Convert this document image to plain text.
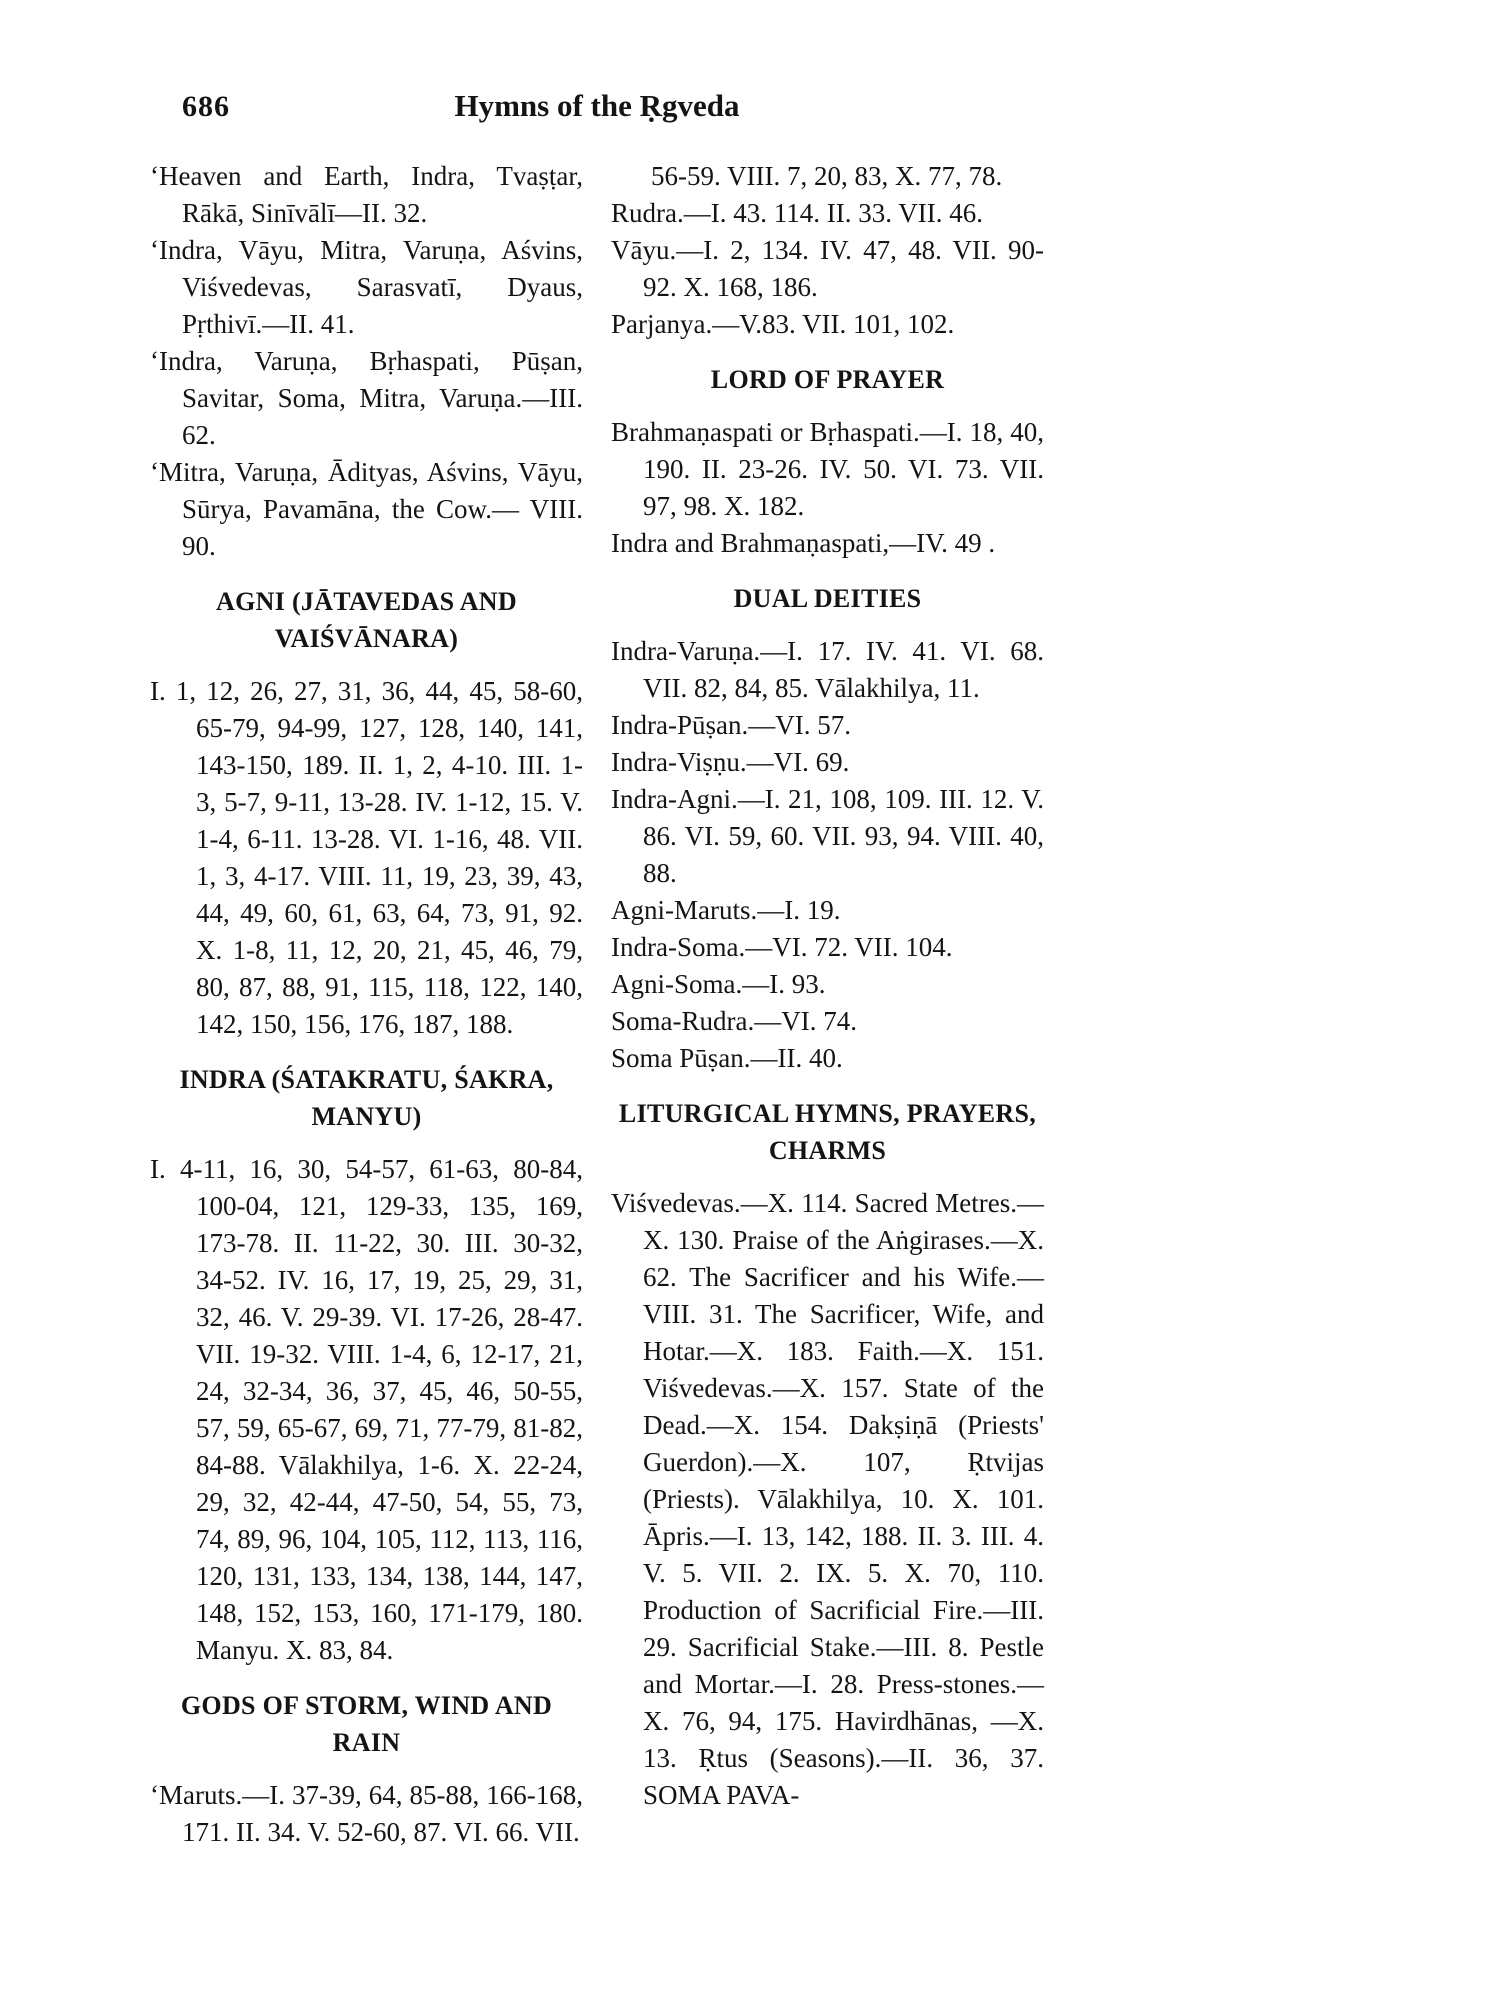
686	Hymns of the Ṛgveda

ʻHeaven and Earth, Indra, Tvaṣṭar, Rākā, Sinīvālī—II. 32.

ʻIndra, Vāyu, Mitra, Varuṇa, Aśvins, Viśvedevas, Sarasvatī, Dyaus, Pṛthivī.—II. 41.

ʻIndra, Varuṇa, Bṛhaspati, Pūṣan, Savitar, Soma, Mitra, Varuṇa.—III. 62.

ʻMitra, Varuṇa, Ādityas, Aśvins, Vāyu, Sūrya, Pavamāna, the Cow.— VIII. 90.

AGNI (JĀTAVEDAS AND VAIŚVĀNARA)

I. 1, 12, 26, 27, 31, 36, 44, 45, 58-60, 65-79, 94-99, 127, 128, 140, 141, 143-150, 189. II. 1, 2, 4-10. III. 1-3, 5-7, 9-11, 13-28. IV. 1-12, 15. V. 1-4, 6-11. 13-28. VI. 1-16, 48. VII. 1, 3, 4-17. VIII. 11, 19, 23, 39, 43, 44, 49, 60, 61, 63, 64, 73, 91, 92. X. 1-8, 11, 12, 20, 21, 45, 46, 79, 80, 87, 88, 91, 115, 118, 122, 140, 142, 150, 156, 176, 187, 188.

INDRA (ŚATAKRATU, ŚAKRA, MANYU)

I. 4-11, 16, 30, 54-57, 61-63, 80-84, 100-04, 121, 129-33, 135, 169, 173-78. II. 11-22, 30. III. 30-32, 34-52. IV. 16, 17, 19, 25, 29, 31, 32, 46. V. 29-39. VI. 17-26, 28-47. VII. 19-32. VIII. 1-4, 6, 12-17, 21, 24, 32-34, 36, 37, 45, 46, 50-55, 57, 59, 65-67, 69, 71, 77-79, 81-82, 84-88. Vālakhilya, 1-6. X. 22-24, 29, 32, 42-44, 47-50, 54, 55, 73, 74, 89, 96, 104, 105, 112, 113, 116, 120, 131, 133, 134, 138, 144, 147, 148, 152, 153, 160, 171-179, 180. Manyu. X. 83, 84.

GODS OF STORM, WIND AND RAIN

ʻMaruts.—I. 37-39, 64, 85-88, 166-168, 171. II. 34. V. 52-60, 87. VI. 66. VII.

56-59. VIII. 7, 20, 83, X. 77, 78.

Rudra.—I. 43. 114. II. 33. VII. 46.

Vāyu.—I. 2, 134. IV. 47, 48. VII. 90-92. X. 168, 186.

Parjanya.—V.83. VII. 101, 102.

LORD OF PRAYER

Brahmaṇaspati or Bṛhaspati.—I. 18, 40, 190. II. 23-26. IV. 50. VI. 73. VII. 97, 98. X. 182.

Indra and Brahmaṇaspati,—IV. 49 .

DUAL DEITIES

Indra-Varuṇa.—I. 17. IV. 41. VI. 68. VII. 82, 84, 85. Vālakhilya, 11.

Indra-Pūṣan.—VI. 57.

Indra-Viṣṇu.—VI. 69.

Indra-Agni.—I. 21, 108, 109. III. 12. V. 86. VI. 59, 60. VII. 93, 94. VIII. 40, 88.

Agni-Maruts.—I. 19.

Indra-Soma.—VI. 72. VII. 104.

Agni-Soma.—I. 93.

Soma-Rudra.—VI. 74.

Soma Pūṣan.—II. 40.

LITURGICAL HYMNS, PRAYERS, CHARMS

Viśvedevas.—X. 114. Sacred Metres.—X. 130. Praise of the Aṅgirases.—X. 62. The Sacrificer and his Wife.—VIII. 31. The Sacrificer, Wife, and Hotar.—X. 183. Faith.—X. 151. Viśvedevas.—X. 157. State of the Dead.—X. 154. Dakṣiṇā (Priests' Guerdon).—X. 107, Ṛtvijas (Priests). Vālakhilya, 10. X. 101. Āpris.—I. 13, 142, 188. II. 3. III. 4. V. 5. VII. 2. IX. 5. X. 70, 110. Production of Sacrificial Fire.—III. 29. Sacrificial Stake.—III. 8. Pestle and Mortar.—I. 28. Press-stones.—X. 76, 94, 175. Havirdhānas, —X. 13. Ṛtus (Seasons).—II. 36, 37. SOMA PAVA-
